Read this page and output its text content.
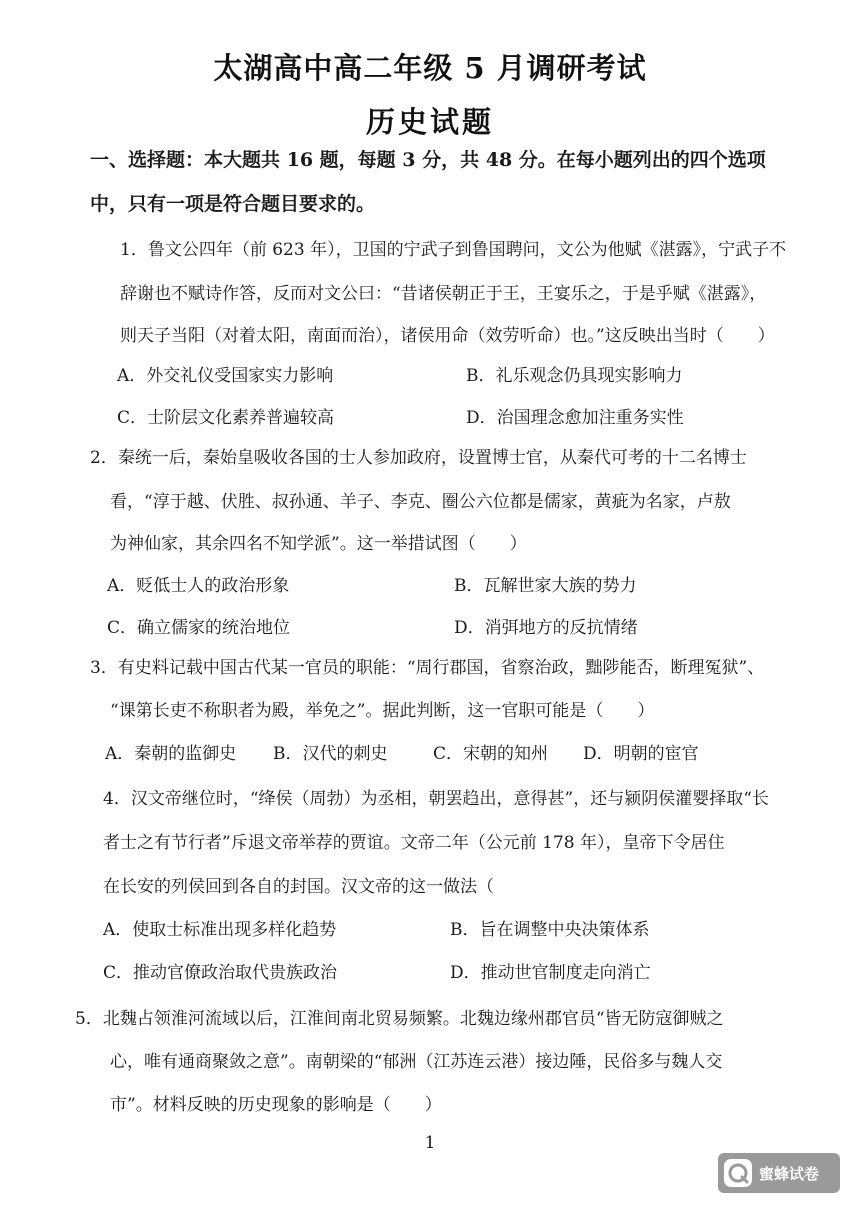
太湖高中高二年级 5 月调研考试
历史试题
一、选择题：本大题共 16 题，每题 3 分，共 48 分。在每小题列出的四个选项
中，只有一项是符合题目要求的。
1．鲁文公四年（前 623 年），卫国的宁武子到鲁国聘问，文公为他赋《湛露》，宁武子不
辞谢也不赋诗作答，反而对文公曰：“昔诸侯朝正于王，王宴乐之，于是乎赋《湛露》，
则天子当阳（对着太阳，南面而治），诸侯用命（效劳听命）也。”这反映出当时（　　）
A．外交礼仪受国家实力影响	B．礼乐观念仍具现实影响力
C．士阶层文化素养普遍较高	D．治国理念愈加注重务实性
2．秦统一后，秦始皇吸收各国的士人参加政府，设置博士官，从秦代可考的十二名博士
看，“淳于越、伏胜、叔孙通、羊子、李克、圈公六位都是儒家，黄疵为名家，卢敖
为神仙家，其余四名不知学派”。这一举措试图（　　）
A．贬低士人的政治形象	B．瓦解世家大族的势力
C．确立儒家的统治地位	D．消弭地方的反抗情绪
3．有史料记载中国古代某一官员的职能：“周行郡国，省察治政，黜陟能否，断理冤狱”、
“课第长吏不称职者为殿，举免之”。据此判断，这一官职可能是（　　）
A．秦朝的监御史 B．汉代的刺史	C．宋朝的知州 D．明朝的宦官
4．汉文帝继位时，“绛侯（周勃）为丞相，朝罢趋出，意得甚”，还与颍阴侯灌婴择取“长
者士之有节行者”斥退文帝举荐的贾谊。文帝二年（公元前 178 年），皇帝下令居住
在长安的列侯回到各自的封国。汉文帝的这一做法（
A．使取士标准出现多样化趋势	B．旨在调整中央决策体系
C．推动官僚政治取代贵族政治	D．推动世官制度走向消亡
5．北魏占领淮河流域以后，江淮间南北贸易频繁。北魏边缘州郡官员“皆无防寇御贼之
心，唯有通商聚敛之意”。南朝梁的“郁洲（江苏连云港）接边陲，民俗多与魏人交
市”。材料反映的历史现象的影响是（　　）
1
蜜蜂试卷
